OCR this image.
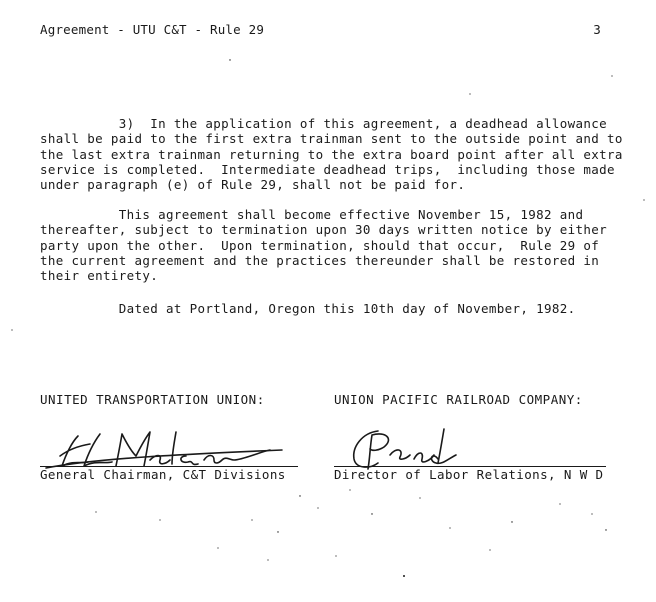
Agreement - UTU C&T - Rule 29	3
3)  In the application of this agreement, a deadhead allowance
shall be paid to the first extra trainman sent to the outside point and to
the last extra trainman returning to the extra board point after all extra
service is completed.  Intermediate deadhead trips,  including those made
under paragraph (e) of Rule 29, shall not be paid for.
This agreement shall become effective November 15, 1982 and
thereafter, subject to termination upon 30 days written notice by either
party upon the other.  Upon termination, should that occur,  Rule 29 of
the current agreement and the practices thereunder shall be restored in
their entirety.
Dated at Portland, Oregon this 10th day of November, 1982.
UNITED TRANSPORTATION UNION:	UNION PACIFIC RAILROAD COMPANY:
General Chairman, C&T Divisions	Director of Labor Relations, N W D
